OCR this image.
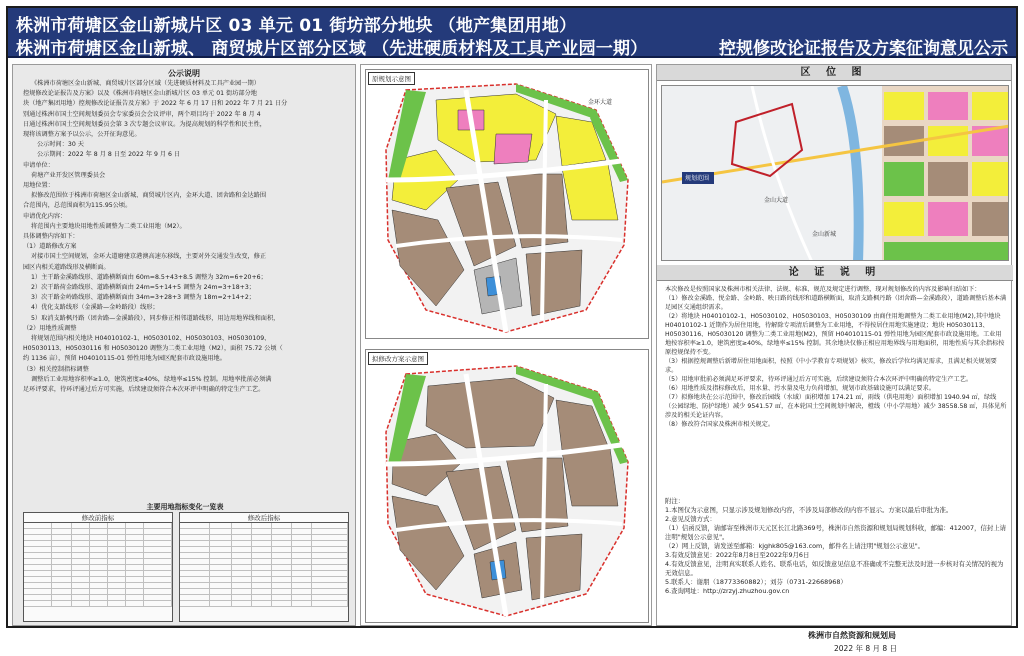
株洲市荷塘区金山新城片区 03 单元 01 街坊部分地块 （地产集团用地）
株洲市荷塘区金山新城、 商贸城片区部分区域 （先进硬质材料及工具产业园一期）	控规修改论证报告及方案征询意见公示
公示说明

《株洲市荷塘区金山新城、商贸城片区部分区域（先进硬质材料及工具产业园一期）

控规修改论证报告及方案》以及《株洲市荷塘区金山新城片区 03 单元 01 街坊部分地

块（地产集团用地）控规修改论证报告及方案》于 2022 年 6 月 17 日和 2022 年 7 月 21 日分

别通过株洲市国土空间规划委员会专家委员会会议评审，两个项目均于 2022 年 8 月 4

日通过株洲市国土空间规划委员会第 3 次专题会议审议。为提高规划的科学性和民主性，

现将该调整方案予以公示，公开征询意见。

公示时间：30 天

公示期间：2022 年 8 月 8 日至 2022 年 9 月 6 日

申请单位：

荷塘产业开发区管理委员会

用地位置：

拟修改范围位于株洲市荷塘区金山新城、商贸城片区内，金环大道、团舍路和金达路围

合范围内，总范围面积为115.95公顷。

申请优化内容：

将范围内主要地块用地性质调整为二类工业用地（M2）。

具体调整内容如下：

（1）道路修改方案

对接市国土空间规划，金环大道磨建京港澳高速东移线，主要对外交通发生改变，修正

园区内相关道路线形及横断面。

1）主干路金溪路线形、道路横断面由 60m=8.5+43+8.5 调整为 32m=6+20+6；

2）次干路荷金路线形、道路横断面由 24m=5+14+5 调整为 24m=3+18+3；

3）次干路金岭路线形、道路横断面由 34m=3+28+3 调整为 18m=2+14+2；

4）优化支路线形（金溪路—金岭路段）线形；

5）取消支路枫丹路（团舍路—金溪路段），同步修正相邻道路线形，用边用地界线和面积，

（2）用地性质调整

将规划范围内相关地块 H04010102-1、H05030102、H05030103、H05030109、

H05030113、H05030116 和 H05030120 调整为二类工业用地（M2），面积 75.72 公顷（

约 1136 亩），预留 H04010115-01 弹性用地为园区配套市政设施用地。

（3）相关控制指标调整

调整后工业用地容积率≥1.0，建筑密度≥40%，绿地率≤15% 控制。用地率批前必须满

足环评要求，待环评通过后方可实施，后续建设须符合本次环评中明确的特定生产工艺。

主要用地指标变化一览表
修改前指标	修改后指标
原规划示意图
金环大道
拟修改方案示意图
区 位 图
规划范围
金山大道
金山新城
论 证 说 明

本次修改是按照国家及株洲市相关法律、法规、标准、规范及规定进行调整，现对规划修改的内容及影响归结如下：

（1）修改金溪路、悦金路、金岭路、映日路的线形和道路横断面，取消支路枫丹路（团舍路—金溪路段），道路调整后基本满足园区交通组织需求。

（2）将地块 H04010102-1、H05030102、H05030103、H05030109 由商住用地调整为二类工业用地(M2),其中地块 H04010102-1 近期作为居住用地，待解除专项清后调整为工业用地，不得按居住用地实施建设；地块 H05030113、H05030116、H05030120 调整为二类工业用地(M2)，预留 H04010115-01 弹性用地为园区配套市政设施用地。工业用地按容积率≥1.0，建筑密度≥40%，绿地率≤15% 控制。其余地块仅修正相应用地界线与用地面积，用地性质与其余指标按原控规保持不变。

（3）根据控规调整后新增居住用地面积，按照《中小学教育专项规划》核实，修改后学位均满足需求，且满足相关规划要求。

（5）用地审批前必须满足环评要求，待环评通过后方可实施，后续建设须符合本次环评中明确的特定生产工艺。

（6）用地性质及指标修改后，用水量、污水量及电力负荷增加，规划市政基础设施可以满足要求。

（7）拟修地块在公示范围中，修改后园线（水域）面积增加 174.21 ㎡，雨线（供电用地）面积增加 1940.94 ㎡，绿线（公园绿地、防护绿地）减少 9541.57 ㎡，在本轮国土空间规划中解决，橙线（中小学用地）减少 38558.58 ㎡，具体见所涉及的相关论证内容。

（8）修改符合国家及株洲市相关规定。

附注：

1.本图仅为示意图，只显示涉及规划修改内容，不涉及局部修改的内容不显示。方案以最后审批为准。

2.意见反馈方式：

（1）信函反馈，请邮寄至株洲市天元区长江北路369号，株洲市自然资源和规划局规划科收，邮编：412007，信封上请注明"规划公示意见"。

（2）网上反馈，请发送至邮箱：kjghk805@163.com，邮件名上请注明"规划公示意见"。

3.有效反馈意见：2022年8月8日至2022年9月6日

4.有效反馈意见，注明真实联系人姓名、联系电话，如反馈意见信息不准确或不完整无法及时进一步核对有关情况的视为无效信息。

5.联系人：谢朋（18773360882）；刘芬（0731-22668968）

6.查询网址：http://zrzyj.zhuzhou.gov.cn

株洲市自然资源和规划局
2022 年 8 月 8 日
